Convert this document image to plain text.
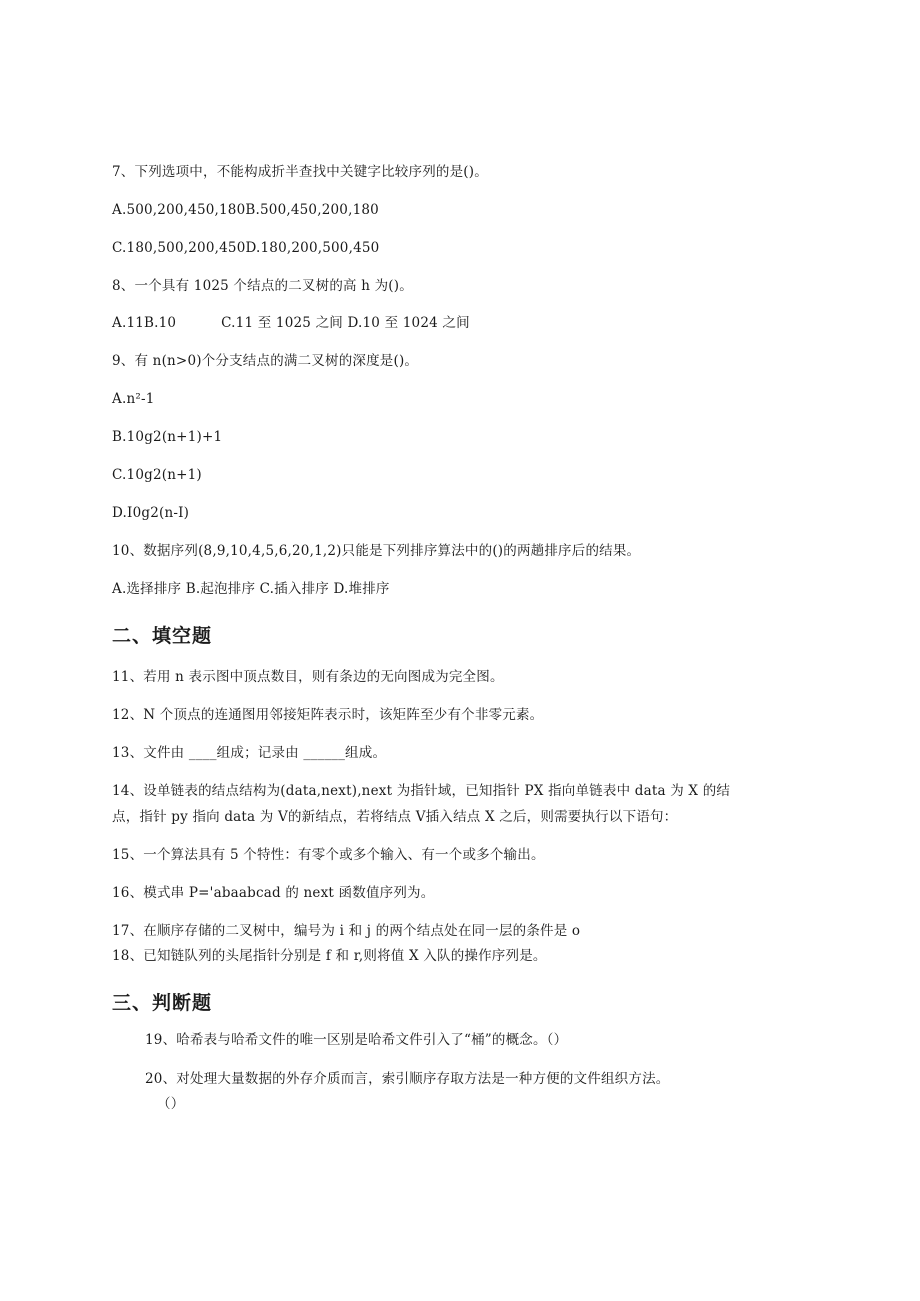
7、下列选项中，不能构成折半查找中关键字比较序列的是()。
A.500,200,450,180B.500,450,200,180
C.180,500,200,450D.180,200,500,450
8、一个具有 1025 个结点的二叉树的高 h 为()。
A.11B.10          C.11 至 1025 之间 D.10 至 1024 之间
9、有 n(n>0)个分支结点的满二叉树的深度是()。
A.n²-1
B.10g2(n+1)+1
C.10g2(n+1)
D.I0g2(n-I)
10、数据序列(8,9,10,4,5,6,20,1,2)只能是下列排序算法中的()的两趟排序后的结果。
A.选择排序 B.起泡排序 C.插入排序 D.堆排序
二、填空题
11、若用 n 表示图中顶点数目，则有条边的无向图成为完全图。
12、N 个顶点的连通图用邻接矩阵表示时，该矩阵至少有个非零元素。
13、文件由 ____组成；记录由 ______组成。
14、设单链表的结点结构为(data,next),next 为指针域，已知指针 PX 指向单链表中 data 为 X 的结
点，指针 py 指向 data 为 V的新结点，若将结点 V插入结点 X 之后，则需要执行以下语句：
15、一个算法具有 5 个特性：有零个或多个输入、有一个或多个输出。
16、模式串 P='abaabcad 的 next 函数值序列为。
17、在顺序存储的二叉树中，编号为 i 和 j 的两个结点处在同一层的条件是 o
18、已知链队列的头尾指针分别是 f 和 r,则将值 X 入队的操作序列是。
三、判断题
19、哈希表与哈希文件的唯一区别是哈希文件引入了“桶”的概念。（）
20、对处理大量数据的外存介质而言，索引顺序存取方法是一种方便的文件组织方法。
（）
